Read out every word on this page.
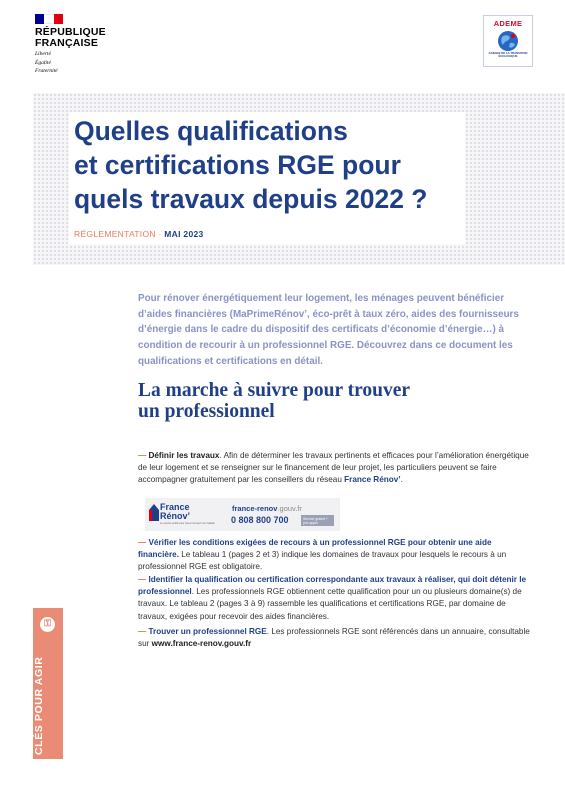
RÉPUBLIQUE
FRANÇAISE
Liberté
Égalité
Fraternité
ADEME
AGENCE DE LA TRANSITION ÉCOLOGIQUE
Quelles qualifications
et certifications RGE pour
quels travaux depuis 2022 ?
RÉGLEMENTATION · MAI 2023

Pour rénover énergétiquement leur logement, les ménages peuvent bénéficier d’aides financières (MaPrimeRénov’, éco-prêt à taux zéro, aides des fournisseurs d’énergie dans le cadre du dispositif des certificats d’économie d’énergie…) à condition de recourir à un professionnel RGE. Découvrez dans ce document les qualifications et certifications en détail.

La marche à suivre pour trouver
un professionnel

— Définir les travaux. Afin de déterminer les travaux pertinents et efficaces pour l’amélioration énergétique de leur logement et se renseigner sur le financement de leur projet, les particuliers peuvent se faire accompagner gratuitement par les conseillers du réseau France Rénov’.

France
Rénov’
Le service public pour mieux rénover mon habitat
france-renov.gouv.fr
0 808 800 700	Service gratuit + prix appel

— Vérifier les conditions exigées de recours à un professionnel RGE pour obtenir une aide financière. Le tableau 1 (pages 2 et 3) indique les domaines de travaux pour lesquels le recours à un professionnel RGE est obligatoire.

— Identifier la qualification ou certification correspondante aux travaux à réaliser, qui doit détenir le professionnel. Les professionnels RGE obtiennent cette qualification pour un ou plusieurs domaine(s) de travaux. Le tableau 2 (pages 3 à 9) rassemble les qualifications et certifications RGE, par domaine de travaux, exigées pour recevoir des aides financières.

— Trouver un professionnel RGE. Les professionnels RGE sont référencés dans un annuaire, consultable sur www.france-renov.gouv.fr

⚿
CLÉS POUR AGIR
